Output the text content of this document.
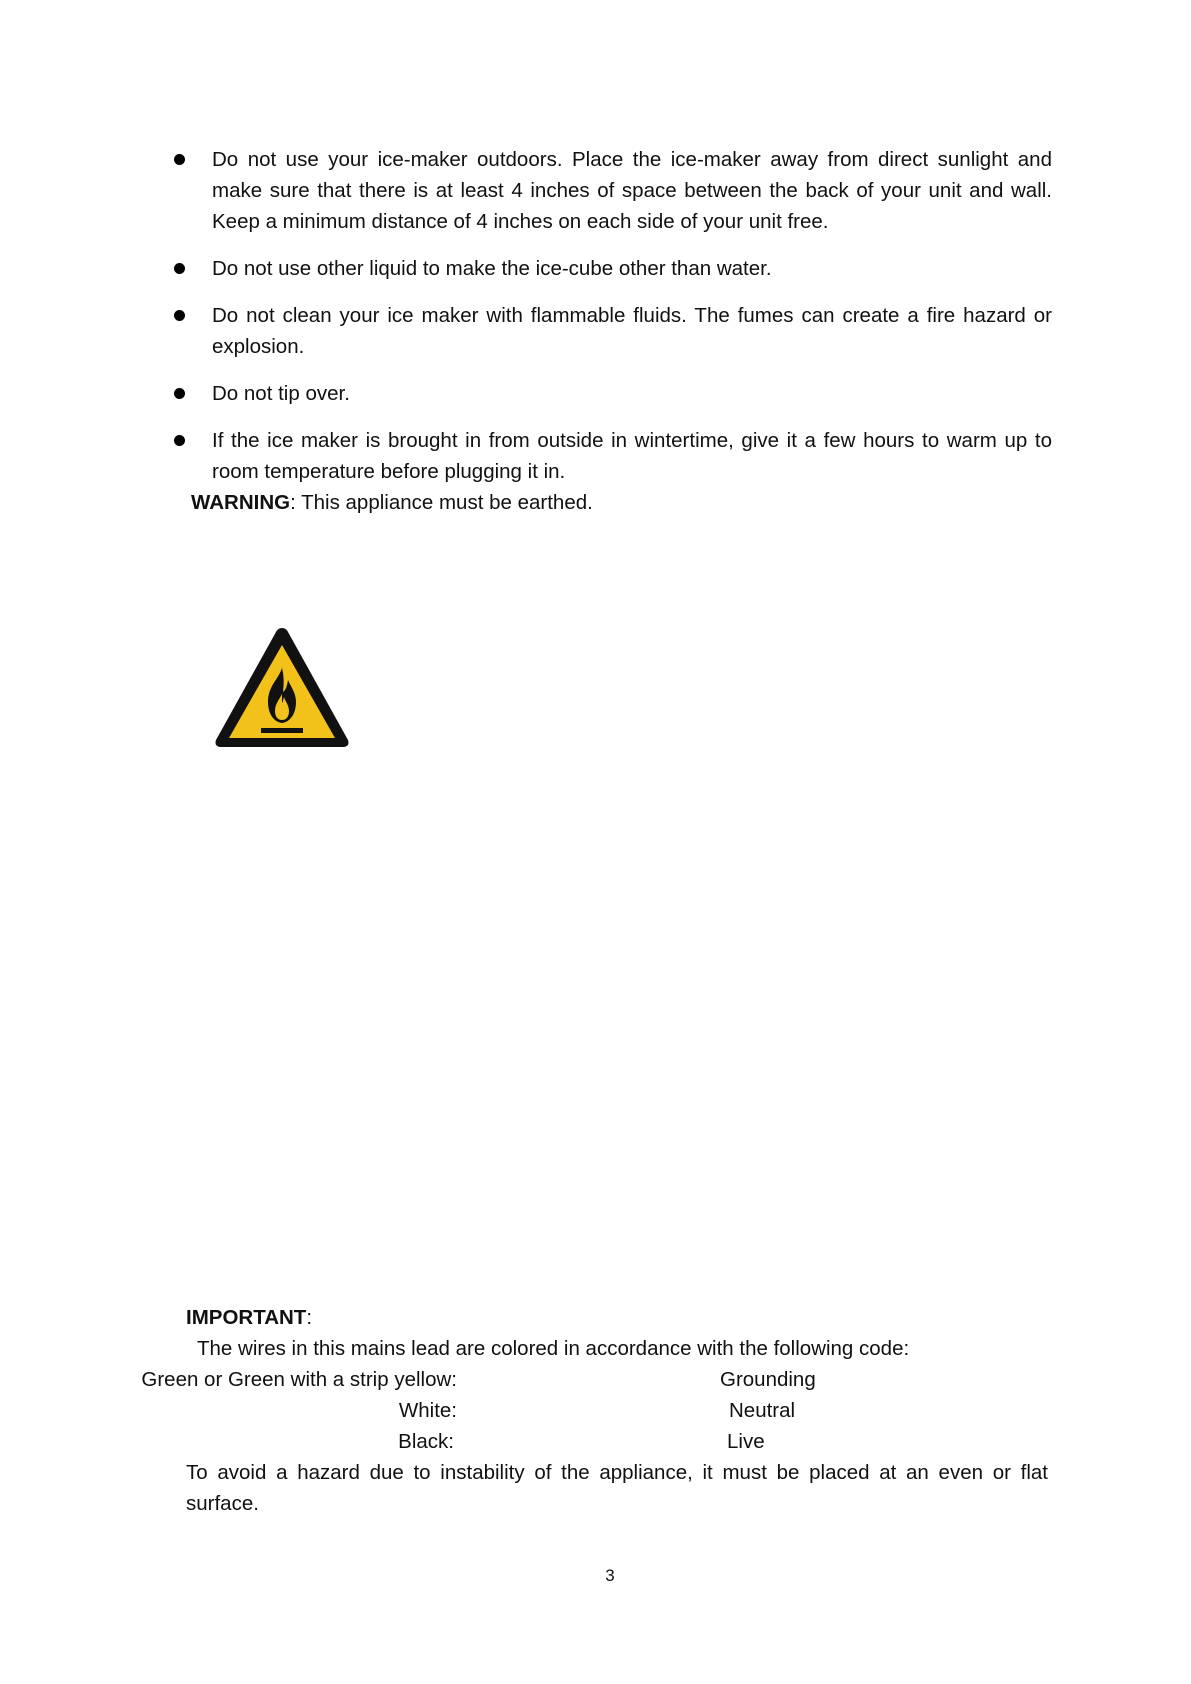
Do not use your ice-maker outdoors. Place the ice-maker away from direct sunlight and make sure that there is at least 4 inches of space between the back of your unit and wall. Keep a minimum distance of 4 inches on each side of your unit free.
Do not use other liquid to make the ice-cube other than water.
Do not clean your ice maker with flammable fluids. The fumes can create a fire hazard or explosion.
Do not tip over.
If the ice maker is brought in from outside in wintertime, give it a few hours to warm up to room temperature before plugging it in.
WARNING: This appliance must be earthed.

IMPORTANT:

The wires in this mains lead are colored in accordance with the following code:

Green or Green with a strip yellow:	Grounding
White:	Neutral
Black:	Live

To avoid a hazard due to instability of the appliance, it must be placed at an even or flat surface.

3
